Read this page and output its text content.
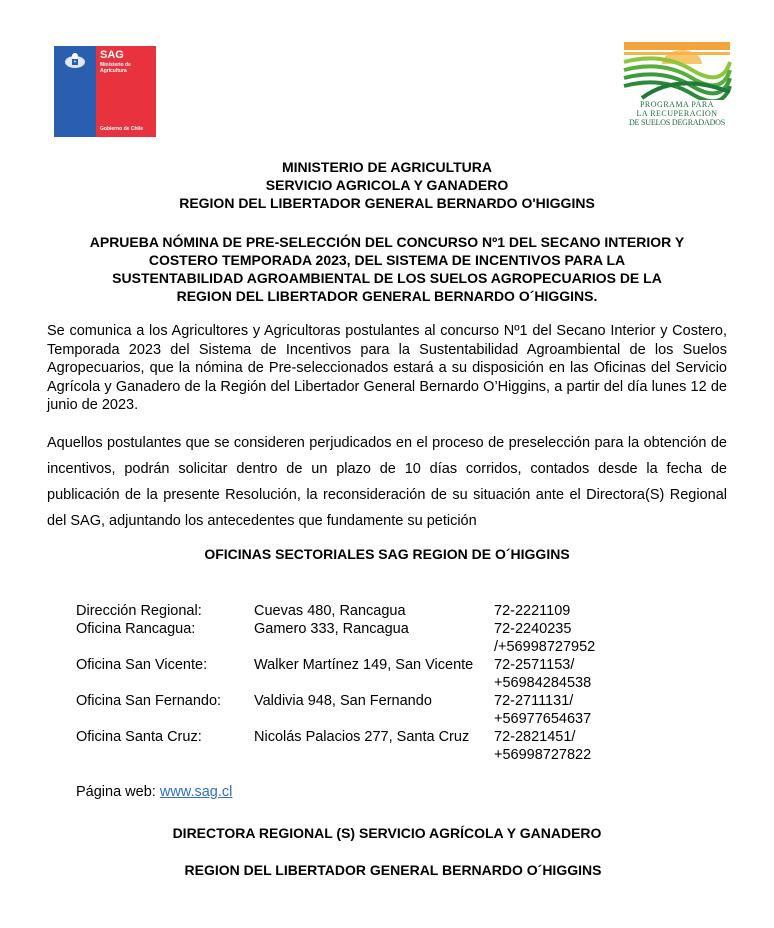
SAG
Ministerio de
Agricultura
Gobierno de Chile
PROGRAMA PARA
LA RECUPERACION
DE SUELOS DEGRADADOS
MINISTERIO DE AGRICULTURA
SERVICIO AGRICOLA Y GANADERO
REGION DEL LIBERTADOR GENERAL BERNARDO O'HIGGINS
APRUEBA NÓMINA DE PRE-SELECCIÓN DEL CONCURSO Nº1 DEL SECANO INTERIOR Y
COSTERO TEMPORADA 2023, DEL SISTEMA DE INCENTIVOS PARA LA
SUSTENTABILIDAD AGROAMBIENTAL DE LOS SUELOS AGROPECUARIOS DE LA
REGION DEL LIBERTADOR GENERAL BERNARDO O´HIGGINS.
Se comunica a los Agricultores y Agricultoras postulantes al concurso Nº1 del Secano Interior y Costero, Temporada 2023 del Sistema de Incentivos para la Sustentabilidad Agroambiental de los Suelos Agropecuarios, que la nómina de Pre-seleccionados estará a su disposición en las Oficinas del Servicio Agrícola y Ganadero de la Región del Libertador General Bernardo O’Higgins, a partir del día lunes 12 de junio de 2023.
Aquellos postulantes que se consideren perjudicados en el proceso de preselección para la obtención de incentivos, podrán solicitar dentro de un plazo de 10 días corridos, contados desde la fecha de publicación de la presente Resolución, la reconsideración de su situación ante el Directora(S) Regional del SAG, adjuntando los antecedentes que fundamente su petición
OFICINAS SECTORIALES SAG REGION DE O´HIGGINS
Dirección Regional:	Cuevas 480, Rancagua	72-2221109
Oficina Rancagua:	Gamero 333, Rancagua	72-2240235 /+56998727952
Oficina San Vicente:	Walker Martínez 149, San Vicente	72-2571153/ +56984284538
Oficina San Fernando:	Valdivia 948, San Fernando	72-2711131/ +56977654637
Oficina Santa Cruz:	Nicolás Palacios 277, Santa Cruz	72-2821451/ +56998727822
Página web: www.sag.cl
DIRECTORA REGIONAL (S) SERVICIO AGRÍCOLA Y GANADERO
REGION DEL LIBERTADOR GENERAL BERNARDO O´HIGGINS
